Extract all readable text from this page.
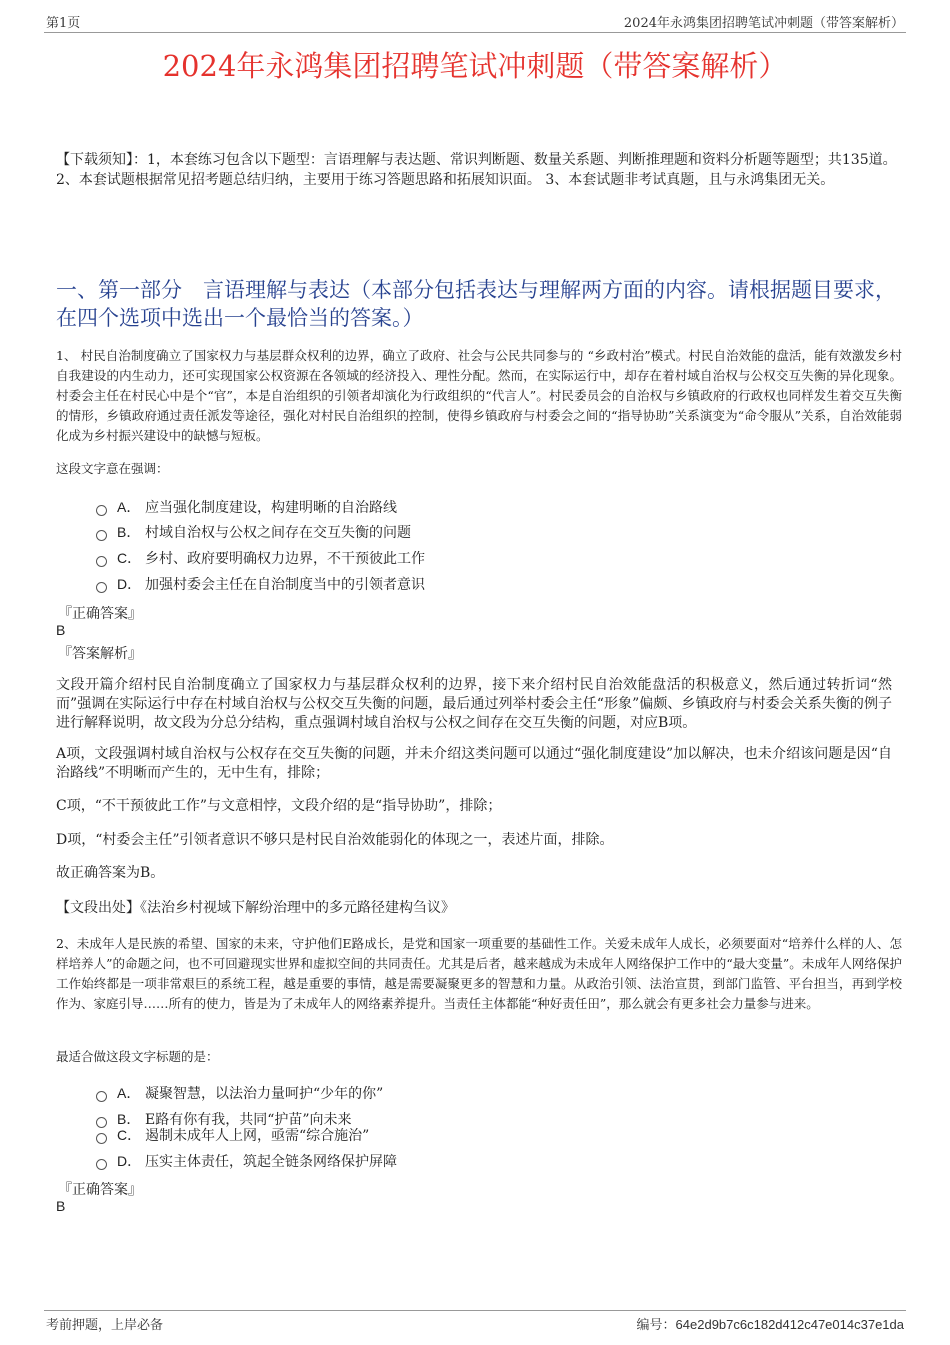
第1页	2024年永鸿集团招聘笔试冲刺题（带答案解析）
2024年永鸿集团招聘笔试冲刺题（带答案解析）
【下载须知】：1，本套练习包含以下题型：言语理解与表达题、常识判断题、数量关系题、判断推理题和资料分析题等题型；共135道。 2、本套试题根据常见招考题总结归纳，主要用于练习答题思路和拓展知识面。 3、本套试题非考试真题，且与永鸿集团无关。
一、第一部分　言语理解与表达（本部分包括表达与理解两方面的内容。请根据题目要求，在四个选项中选出一个最恰当的答案。）
1、 村民自治制度确立了国家权力与基层群众权利的边界，确立了政府、社会与公民共同参与的 “乡政村治”模式。村民自治效能的盘活，能有效激发乡村自我建设的内生动力，还可实现国家公权资源在各领域的经济投入、理性分配。然而，在实际运行中，却存在着村域自治权与公权交互失衡的异化现象。村委会主任在村民心中是个“官”，本是自治组织的引领者却演化为行政组织的“代言人”。村民委员会的自治权与乡镇政府的行政权也同样发生着交互失衡的情形，乡镇政府通过责任派发等途径，强化对村民自治组织的控制，使得乡镇政府与村委会之间的“指导协助”关系演变为“命令服从”关系，自治效能弱化成为乡村振兴建设中的缺憾与短板。
这段文字意在强调：
A． 应当强化制度建设，构建明晰的自治路线
B． 村域自治权与公权之间存在交互失衡的问题
C． 乡村、政府要明确权力边界，不干预彼此工作
D． 加强村委会主任在自治制度当中的引领者意识
『正确答案』
B
『答案解析』
文段开篇介绍村民自治制度确立了国家权力与基层群众权利的边界，接下来介绍村民自治效能盘活的积极意义，然后通过转折词“然而”强调在实际运行中存在村域自治权与公权交互失衡的问题，最后通过列举村委会主任“形象”偏颇、乡镇政府与村委会关系失衡的例子进行解释说明，故文段为分总分结构，重点强调村域自治权与公权之间存在交互失衡的问题，对应B项。
A项，文段强调村域自治权与公权存在交互失衡的问题，并未介绍这类问题可以通过“强化制度建设”加以解决，也未介绍该问题是因“自治路线”不明晰而产生的，无中生有，排除；
C项，“不干预彼此工作”与文意相悖，文段介绍的是“指导协助”，排除；
D项，“村委会主任”引领者意识不够只是村民自治效能弱化的体现之一，表述片面，排除。
故正确答案为B。
【文段出处】《法治乡村视域下解纷治理中的多元路径建构刍议》
2、未成年人是民族的希望、国家的未来，守护他们E路成长，是党和国家一项重要的基础性工作。关爱未成年人成长，必须要面对“培养什么样的人、怎样培养人”的命题之问，也不可回避现实世界和虚拟空间的共同责任。尤其是后者，越来越成为未成年人网络保护工作中的“最大变量”。未成年人网络保护工作始终都是一项非常艰巨的系统工程，越是重要的事情，越是需要凝聚更多的智慧和力量。从政治引领、法治宣贯，到部门监管、平台担当，再到学校作为、家庭引导……所有的使力，皆是为了未成年人的网络素养提升。当责任主体都能“种好责任田”，那么就会有更多社会力量参与进来。
最适合做这段文字标题的是：
A． 凝聚智慧，以法治力量呵护“少年的你”
B． E路有你有我，共同“护苗”向未来
C． 遏制未成年人上网，亟需“综合施治”
D． 压实主体责任，筑起全链条网络保护屏障
『正确答案』
B
考前押题，上岸必备	编号：64e2d9b7c6c182d412c47e014c37e1da
